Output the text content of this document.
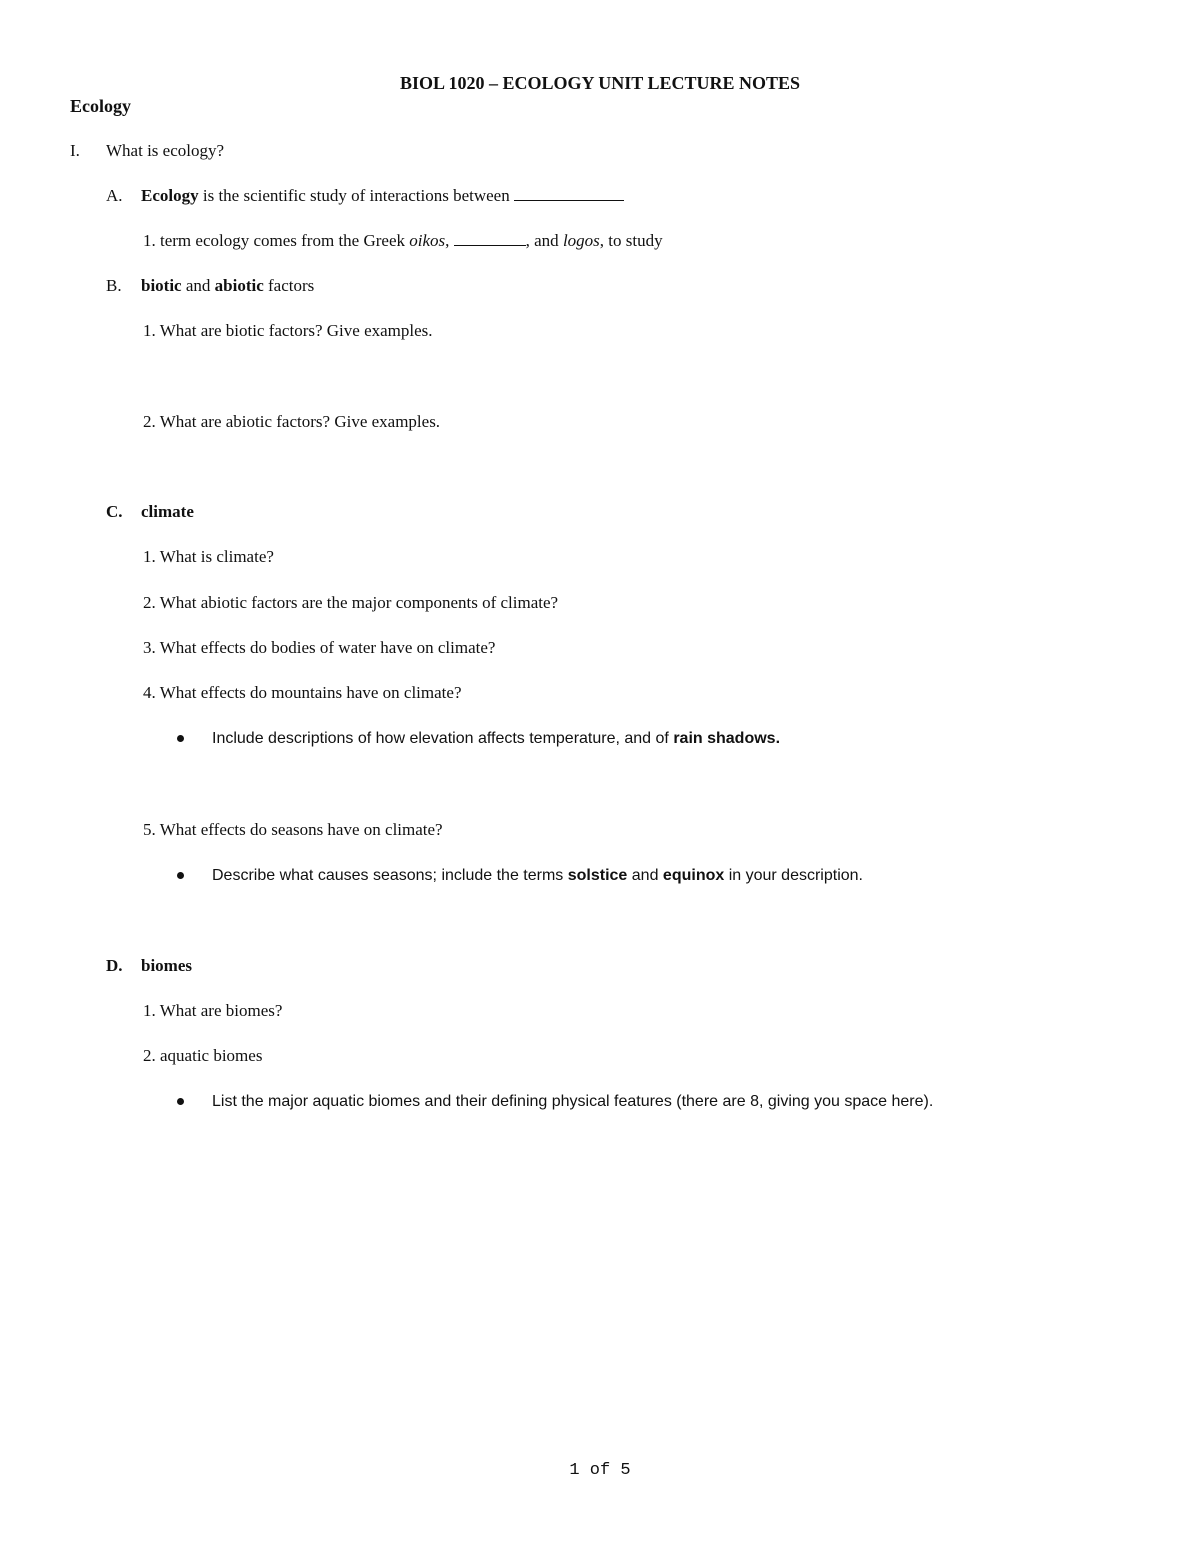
BIOL 1020 – ECOLOGY UNIT LECTURE NOTES
Ecology
I. What is ecology?
A. Ecology is the scientific study of interactions between
1. term ecology comes from the Greek oikos,	, and logos, to study
B. biotic and abiotic factors
1. What are biotic factors? Give examples.
2. What are abiotic factors? Give examples.
C. climate
1. What is climate?
2. What abiotic factors are the major components of climate?
3. What effects do bodies of water have on climate?
4. What effects do mountains have on climate?
Include descriptions of how elevation affects temperature, and of rain shadows.
5. What effects do seasons have on climate?
Describe what causes seasons; include the terms solstice and equinox in your description.
D. biomes
1. What are biomes?
2. aquatic biomes
List the major aquatic biomes and their defining physical features (there are 8, giving you space here).
1 of 5
